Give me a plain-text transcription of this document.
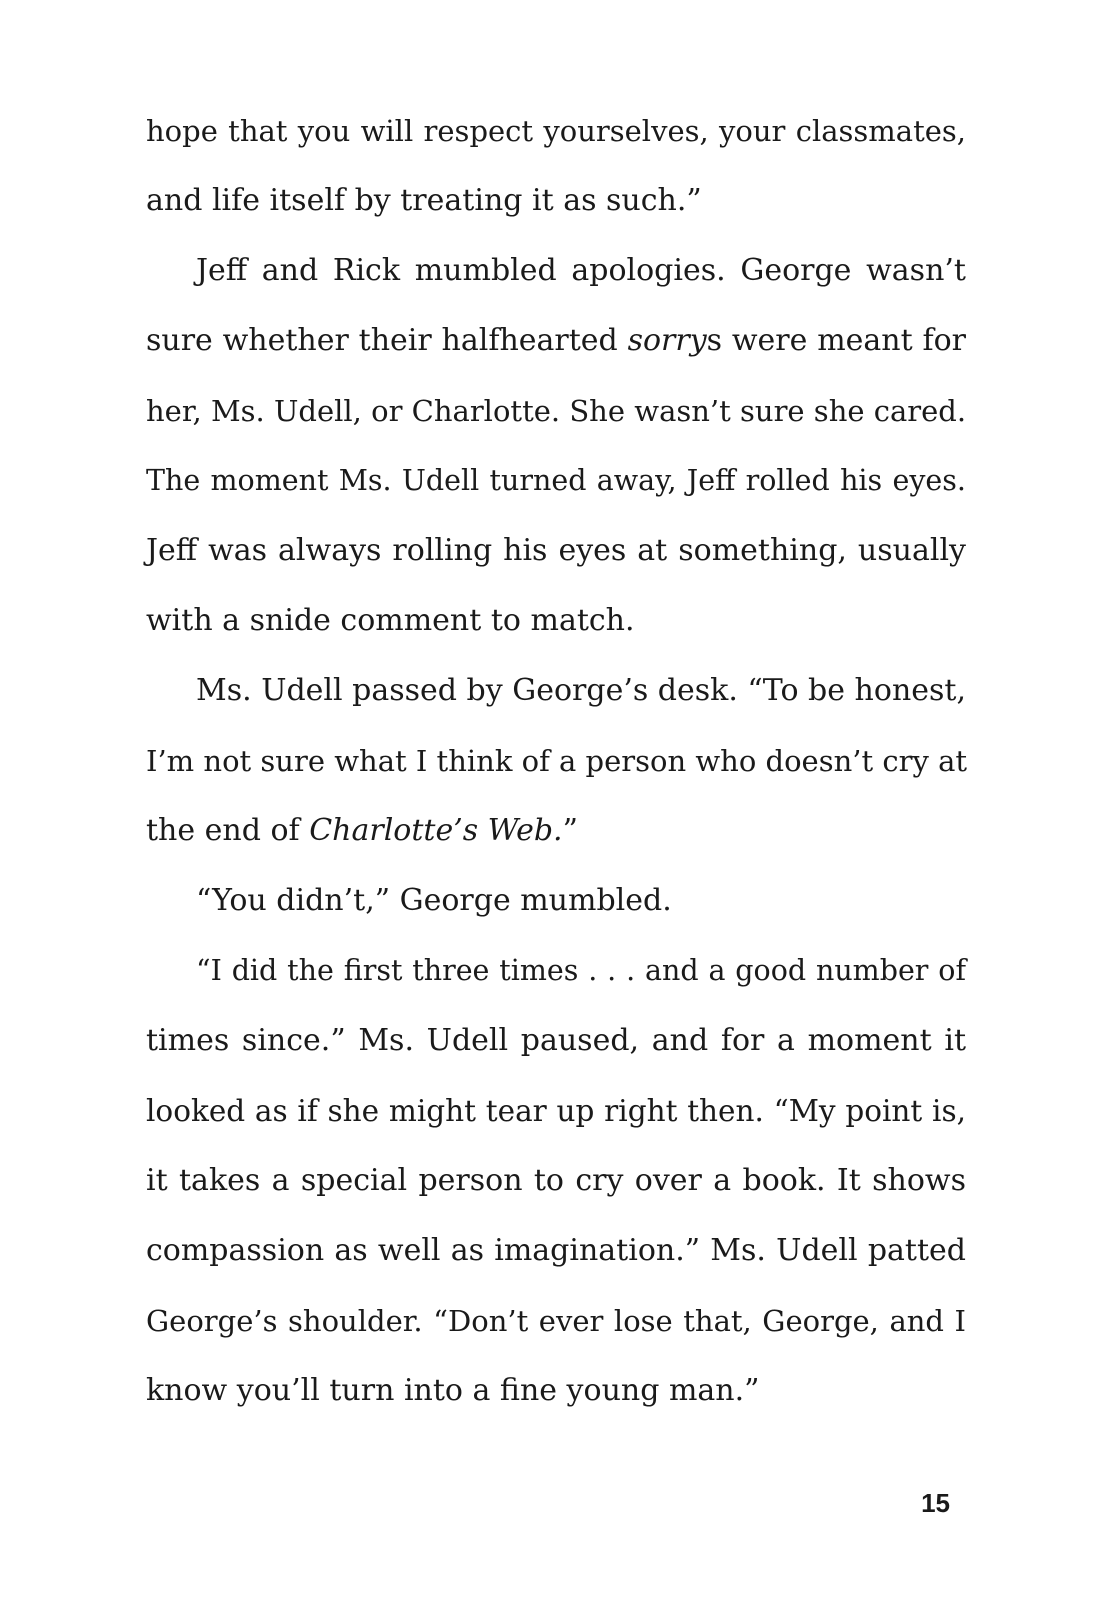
hope that you will respect yourselves, your classmates,
and life itself by treating it as such.”
Jeff and Rick mumbled apologies. George wasn’t
sure whether their halfhearted sorrys were meant for
her, Ms. Udell, or Charlotte. She wasn’t sure she cared.
The moment Ms. Udell turned away, Jeff rolled his eyes.
Jeff was always rolling his eyes at something, usually
with a snide comment to match.
Ms. Udell passed by George’s desk. “To be honest,
I’m not sure what I think of a person who doesn’t cry at
the end of Charlotte’s Web.”
“You didn’t,” George mumbled.
“I did the first three times . . . and a good number of
times since.” Ms. Udell paused, and for a moment it
looked as if she might tear up right then. “My point is,
it takes a special person to cry over a book. It shows
compassion as well as imagination.” Ms. Udell patted
George’s shoulder. “Don’t ever lose that, George, and I
know you’ll turn into a fine young man.”
15
